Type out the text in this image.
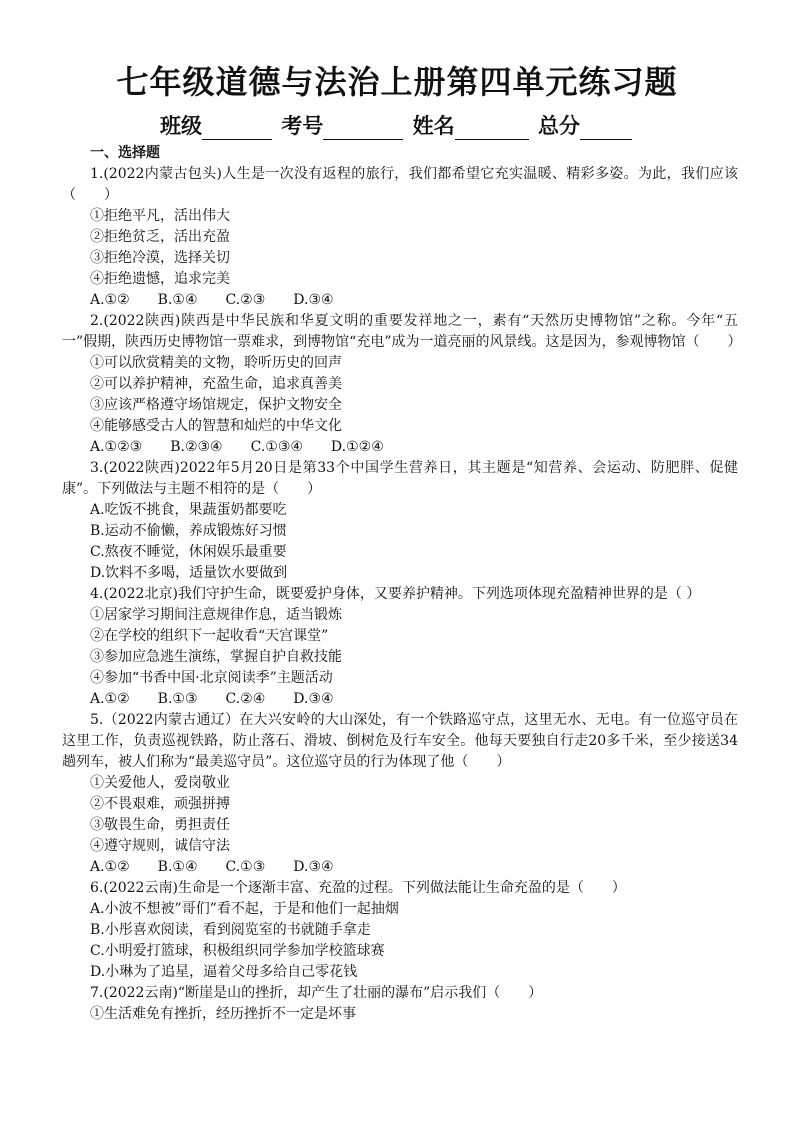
七年级道德与法治上册第四单元练习题
班级	考号	姓名	总分
一、选择题
1.(2022内蒙古包头)人生是一次没有返程的旅行，我们都希望它充实温暖、精彩多姿。为此，我们应该（　　）
①拒绝平凡，活出伟大
②拒绝贫乏，活出充盈
③拒绝冷漠，选择关切
④拒绝遗憾，追求完美
A.①②　　B.①④　　C.②③　　D.③④
2.(2022陕西)陕西是中华民族和华夏文明的重要发祥地之一，素有“天然历史博物馆”之称。今年“五一”假期，陕西历史博物馆一票难求，到博物馆“充电”成为一道亮丽的风景线。这是因为，参观博物馆（　　）
①可以欣赏精美的文物，聆听历史的回声
②可以养护精神，充盈生命，追求真善美
③应该严格遵守场馆规定，保护文物安全
④能够感受古人的智慧和灿烂的中华文化
A.①②③　　B.②③④　　C.①③④　　D.①②④
3.(2022陕西)2022年5月20日是第33个中国学生营养日，其主题是“知营养、会运动、防肥胖、促健康”。下列做法与主题不相符的是（　　）
A.吃饭不挑食，果蔬蛋奶都要吃
B.运动不偷懒，养成锻炼好习惯
C.熬夜不睡觉，休闲娱乐最重要
D.饮料不多喝，适量饮水要做到
4.(2022北京)我们守护生命，既要爱护身体，又要养护精神。下列选项体现充盈精神世界的是（ ）
①居家学习期间注意规律作息，适当锻炼
②在学校的组织下一起收看“天宫课堂”
③参加应急逃生演练，掌握自护自救技能
④参加“书香中国·北京阅读季”主题活动
A.①②　　B.①③　　C.②④　　D.③④
5.（2022内蒙古通辽）在大兴安岭的大山深处，有一个铁路巡守点，这里无水、无电。有一位巡守员在这里工作，负责巡视铁路，防止落石、滑坡、倒树危及行车安全。他每天要独自行走20多千米，至少接送34趟列车，被人们称为“最美巡守员”。这位巡守员的行为体现了他（　　）
①关爱他人，爱岗敬业
②不畏艰难，顽强拼搏
③敬畏生命，勇担责任
④遵守规则，诚信守法
A.①②　　B.①④　　C.①③　　D.③④
6.(2022云南)生命是一个逐渐丰富、充盈的过程。下列做法能让生命充盈的是（　　）
A.小波不想被”哥们”看不起，于是和他们一起抽烟
B.小彤喜欢阅读，看到阅览室的书就随手拿走
C.小明爱打篮球，积极组织同学参加学校篮球赛
D.小琳为了追星，逼着父母多给自己零花钱
7.(2022云南)“断崖是山的挫折，却产生了壮丽的瀑布”启示我们（　　）
①生活难免有挫折，经历挫折不一定是坏事
